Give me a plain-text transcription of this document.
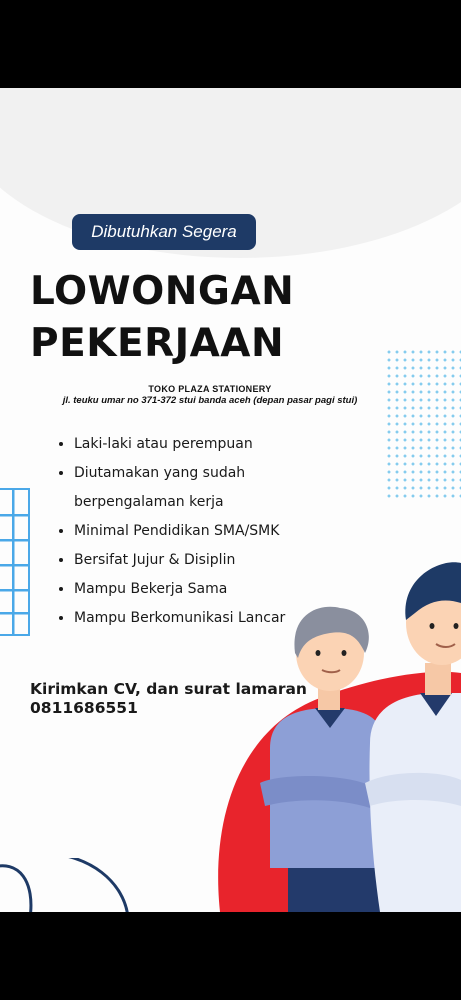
Dibutuhkan Segera
LOWONGAN
PEKERJAAN
TOKO PLAZA STATIONERY
jl. teuku umar no 371-372 stui banda aceh (depan pasar pagi stui)
• Laki-laki atau perempuan
• Diutamakan yang sudah
berpengalaman kerja
• Minimal Pendidikan SMA/SMK
• Bersifat Jujur & Disiplin
• Mampu Bekerja Sama
• Mampu Berkomunikasi Lancar
Kirimkan CV, dan surat lamaran
0811686551
